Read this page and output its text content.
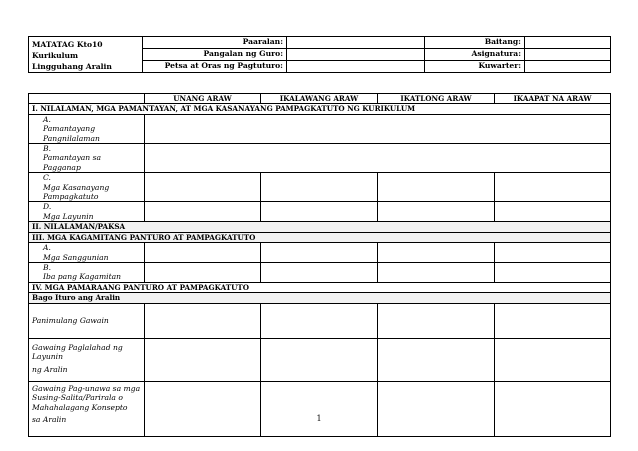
MATATAG Kto10
Kurikulum
Lingguhang Aralin	Paaralan:		Baitang:	
	Pangalan ng Guro:		Asignatura:	
	Petsa at Oras ng Pagtuturo:		Kuwarter:	
	UNANG ARAW	IKALAWANG ARAW	IKATLONG ARAW	IKAAPAT NA ARAW
I. NILALAMAN, MGA PAMANTAYAN, AT MGA KASANAYANG PAMPAGKATUTO NG KURIKULUM				
A.Pamantayang Pangnilalaman				
B.Pamantayan sa Pagganap				
C.Mga Kasanayang Pampagkatuto				
D.Mga Layunin				
II. NILALAMAN/PAKSA				
III. MGA KAGAMITANG PANTURO AT PAMPAGKATUTO				
A.Mga Sanggunian				
B.Iba pang Kagamitan				
IV. MGA PAMARAANG PANTURO AT PAMPAGKATUTO				
Bago Ituro ang Aralin				
Panimulang Gawain				

Gawaing Paglalahad ng Layunin
ng Aralin				

Gawaing Pag-unawa sa mga Susing-Salita/Parirala o Mahahalagang Konsepto
sa Aralin				
					1
